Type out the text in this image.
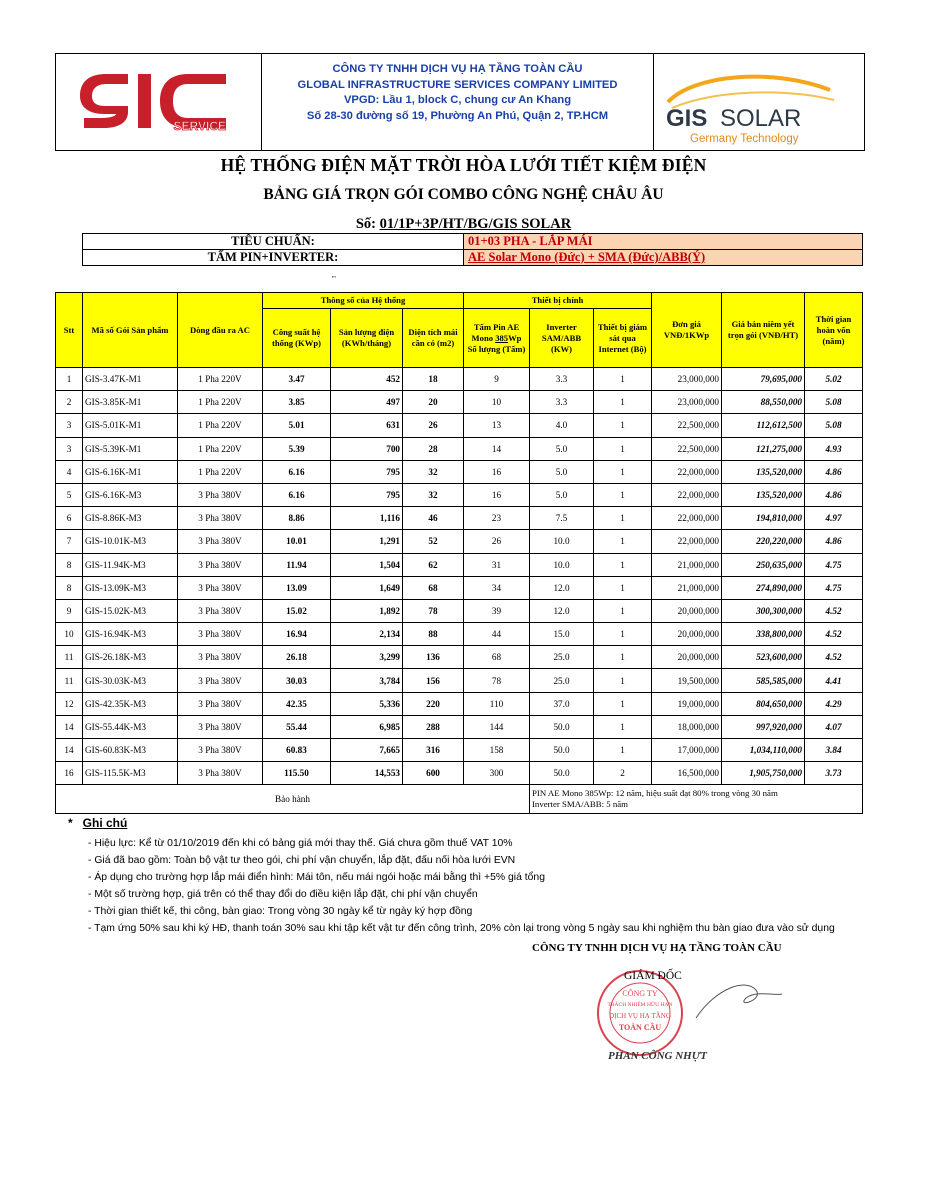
SERVICE
CÔNG TY TNHH DỊCH VỤ HẠ TẦNG TOÀN CẦU
GLOBAL INFRASTRUCTURE SERVICES COMPANY LIMITED
VPGD: Lầu 1, block C, chung cư An Khang
Số 28-30 đường số 19, Phường An Phú, Quận 2, TP.HCM	GIS SOLAR
Germany Technology
HỆ THỐNG ĐIỆN MẶT TRỜI HÒA LƯỚI TIẾT KIỆM ĐIỆN
BẢNG GIÁ TRỌN GÓI COMBO CÔNG NGHỆ CHÂU ÂU
Số: 01/1P+3P/HT/BG/GIS SOLAR
TIÊU CHUẨN:	01+03 PHA - LẮP MÁI
TẤM PIN+INVERTER:	AE Solar Mono (Đức) + SMA (Đức)/ABB(Ý)
'''
Stt	Mã số Gói Sản phẩm	Dòng đầu ra AC	Thông số của Hệ thống			Thiết bị chính			Đơn giá VNĐ/1KWp	Giá bán niêm yết trọn gói (VNĐ/HT)	Thời gian hoàn vốn (năm)
			Công suất hệ thống (KWp)	Sản lượng điện (KWh/tháng)	Diện tích mái cần có (m2)	Tấm Pin AE Mono 385Wp Số lượng (Tấm)	Inverter SAM/ABB (KW)	Thiết bị giám sát qua Internet (Bộ)			
1	GIS-3.47K-M1	1 Pha 220V	3.47	452	18	9	3.3	1	23,000,000	79,695,000	5.02
2	GIS-3.85K-M1	1 Pha 220V	3.85	497	20	10	3.3	1	23,000,000	88,550,000	5.08
3	GIS-5.01K-M1	1 Pha 220V	5.01	631	26	13	4.0	1	22,500,000	112,612,500	5.08
3	GIS-5.39K-M1	1 Pha 220V	5.39	700	28	14	5.0	1	22,500,000	121,275,000	4.93
4	GIS-6.16K-M1	1 Pha 220V	6.16	795	32	16	5.0	1	22,000,000	135,520,000	4.86
5	GIS-6.16K-M3	3 Pha 380V	6.16	795	32	16	5.0	1	22,000,000	135,520,000	4.86
6	GIS-8.86K-M3	3 Pha 380V	8.86	1,116	46	23	7.5	1	22,000,000	194,810,000	4.97
7	GIS-10.01K-M3	3 Pha 380V	10.01	1,291	52	26	10.0	1	22,000,000	220,220,000	4.86
8	GIS-11.94K-M3	3 Pha 380V	11.94	1,504	62	31	10.0	1	21,000,000	250,635,000	4.75
8	GIS-13.09K-M3	3 Pha 380V	13.09	1,649	68	34	12.0	1	21,000,000	274,890,000	4.75
9	GIS-15.02K-M3	3 Pha 380V	15.02	1,892	78	39	12.0	1	20,000,000	300,300,000	4.52
10	GIS-16.94K-M3	3 Pha 380V	16.94	2,134	88	44	15.0	1	20,000,000	338,800,000	4.52
11	GIS-26.18K-M3	3 Pha 380V	26.18	3,299	136	68	25.0	1	20,000,000	523,600,000	4.52
11	GIS-30.03K-M3	3 Pha 380V	30.03	3,784	156	78	25.0	1	19,500,000	585,585,000	4.41
12	GIS-42.35K-M3	3 Pha 380V	42.35	5,336	220	110	37.0	1	19,000,000	804,650,000	4.29
14	GIS-55.44K-M3	3 Pha 380V	55.44	6,985	288	144	50.0	1	18,000,000	997,920,000	4.07
14	GIS-60.83K-M3	3 Pha 380V	60.83	7,665	316	158	50.0	1	17,000,000	1,034,110,000	3.84
16	GIS-115.5K-M3	3 Pha 380V	115.50	14,553	600	300	50.0	2	16,500,000	1,905,750,000	3.73
Bảo hành							PIN AE Mono 385Wp: 12 năm, hiệu suất đạt 80% trong vòng 30 năm
Inverter SMA/ABB: 5 năm				
* Ghi chú
- Hiệu lực: Kể từ 01/10/2019 đến khi có bảng giá mới thay thế. Giá chưa gồm thuế VAT 10%
- Giá đã bao gồm: Toàn bộ vật tư theo gói, chi phí vận chuyển, lắp đặt, đấu nối hòa lưới EVN
- Áp dụng cho trường hợp lắp mái điển hình: Mái tôn, nếu mái ngói hoặc mái bằng thì +5% giá tổng
- Một số trường hợp, giá trên có thể thay đổi do điều kiện lắp đặt, chi phí vận chuyển
- Thời gian thiết kế, thi công, bàn giao: Trong vòng 30 ngày kể từ ngày ký hợp đồng
- Tạm ứng 50% sau khi ký HĐ, thanh toán 30% sau khi tập kết vật tư đến công trình, 20% còn lại trong vòng 5 ngày sau khi nghiệm thu bàn giao đưa vào sử dụng
CÔNG TY TNHH DỊCH VỤ HẠ TẦNG TOÀN CẦU
CÔNG TY
TRÁCH NHIỆM HỮU HẠN
DỊCH VỤ HẠ TẦNG
TOÀN CẦU
GIÁM ĐỐC
PHAN CÔNG NHỰT
